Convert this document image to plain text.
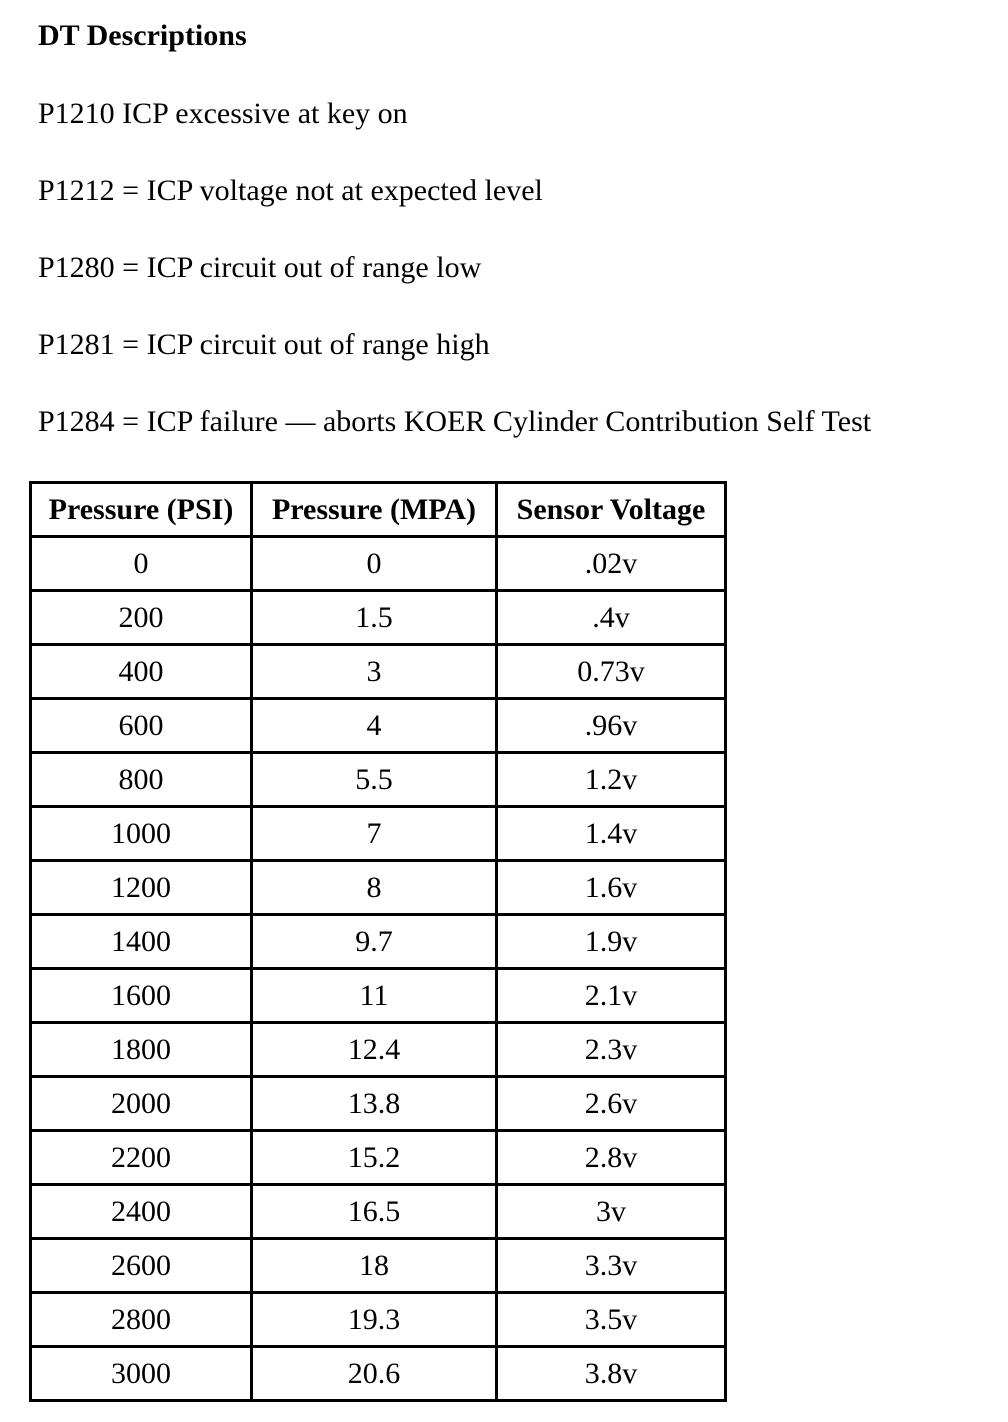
DT Descriptions

P1210 ICP excessive at key on

P1212 = ICP voltage not at expected level

P1280 = ICP circuit out of range low

P1281 = ICP circuit out of range high

P1284 = ICP failure — aborts KOER Cylinder Contribution Self Test

Pressure (PSI)	Pressure (MPA)	Sensor Voltage
0	0	.02v
200	1.5	.4v
400	3	0.73v
600	4	.96v
800	5.5	1.2v
1000	7	1.4v
1200	8	1.6v
1400	9.7	1.9v
1600	11	2.1v
1800	12.4	2.3v
2000	13.8	2.6v
2200	15.2	2.8v
2400	16.5	3v
2600	18	3.3v
2800	19.3	3.5v
3000	20.6	3.8v
